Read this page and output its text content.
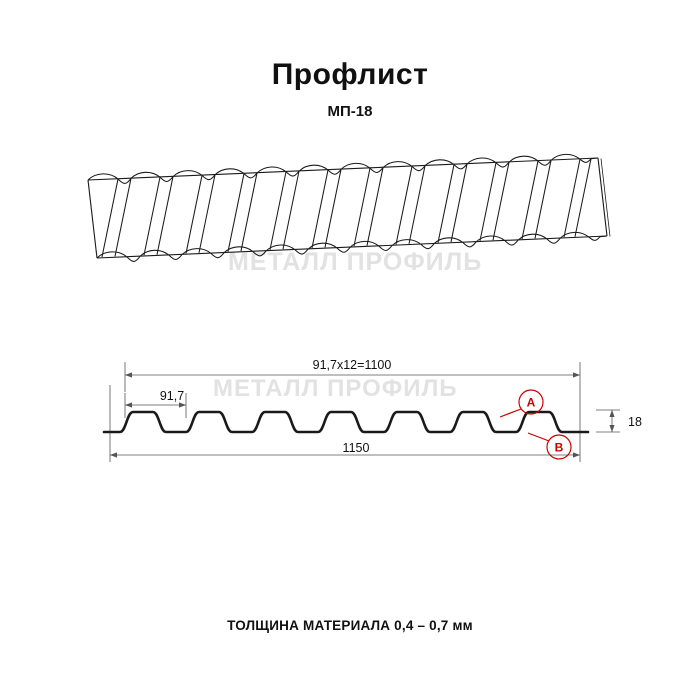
Профлист
МП-18
МЕТАЛЛ ПРОФИЛЬ
МЕТАЛЛ ПРОФИЛЬ
A
B
91,7x12=1100
91,7
1150
18
ТОЛЩИНА МАТЕРИАЛА 0,4 – 0,7 мм
